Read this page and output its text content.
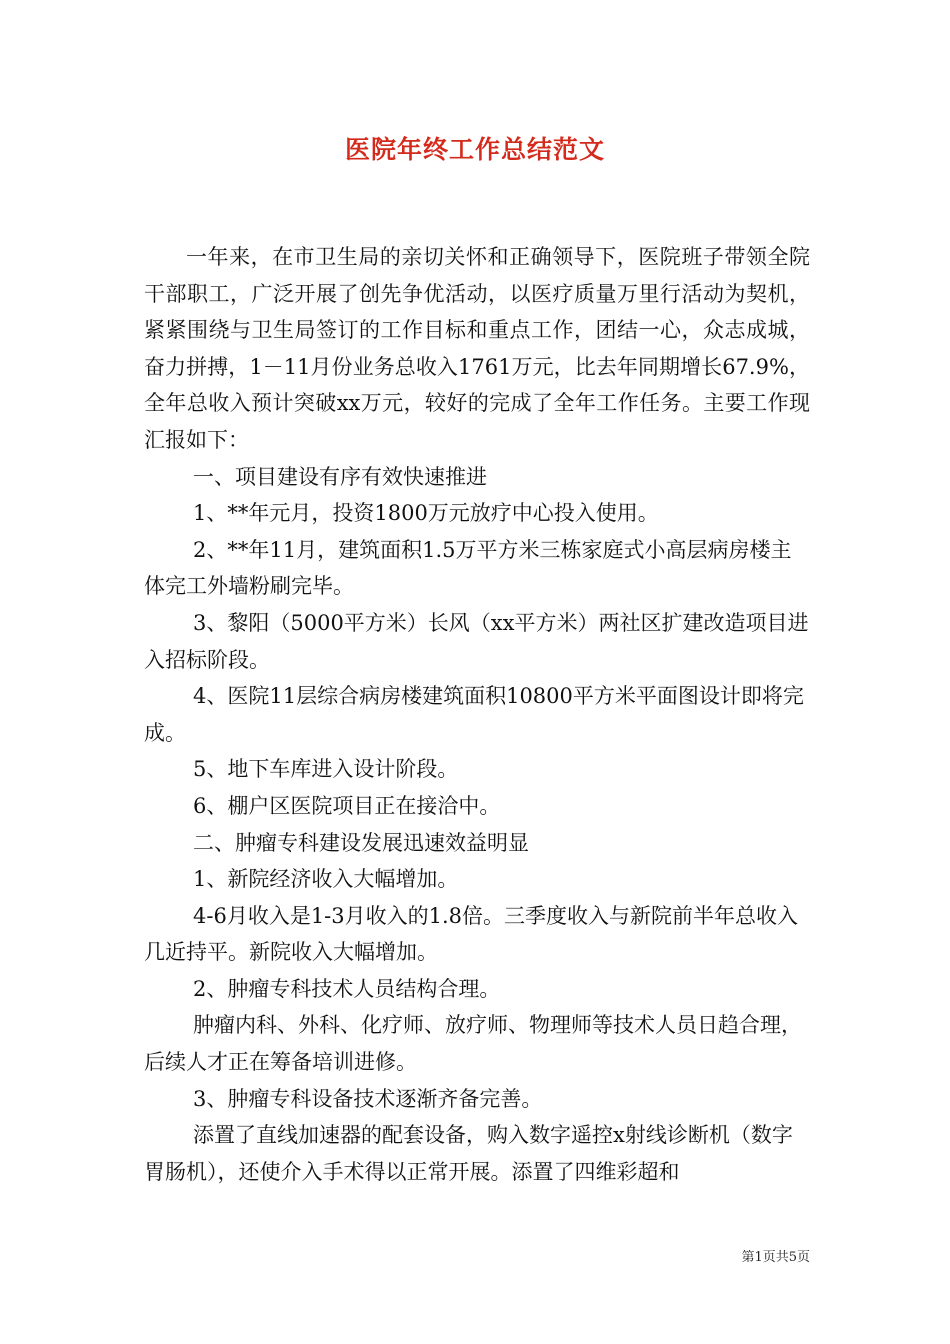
医院年终工作总结范文

一年来，在市卫生局的亲切关怀和正确领导下，医院班子带领全院干部职工，广泛开展了创先争优活动，以医疗质量万里行活动为契机，紧紧围绕与卫生局签订的工作目标和重点工作，团结一心，众志成城，奋力拼搏，1－11月份业务总收入1761万元，比去年同期增长67.9%，全年总收入预计突破xx万元，较好的完成了全年工作任务。主要工作现汇报如下：

一、项目建设有序有效快速推进

1、**年元月，投资1800万元放疗中心投入使用。

2、**年11月，建筑面积1.5万平方米三栋家庭式小高层病房楼主体完工外墙粉刷完毕。

3、黎阳（5000平方米）长风（xx平方米）两社区扩建改造项目进入招标阶段。

4、医院11层综合病房楼建筑面积10800平方米平面图设计即将完成。

5、地下车库进入设计阶段。

6、棚户区医院项目正在接洽中。

二、肿瘤专科建设发展迅速效益明显

1、新院经济收入大幅增加。

4-6月收入是1-3月收入的1.8倍。三季度收入与新院前半年总收入几近持平。新院收入大幅增加。

2、肿瘤专科技术人员结构合理。

肿瘤内科、外科、化疗师、放疗师、物理师等技术人员日趋合理，后续人才正在筹备培训进修。

3、肿瘤专科设备技术逐渐齐备完善。

添置了直线加速器的配套设备，购入数字遥控x射线诊断机（数字胃肠机），还使介入手术得以正常开展。添置了四维彩超和

第1页共5页
